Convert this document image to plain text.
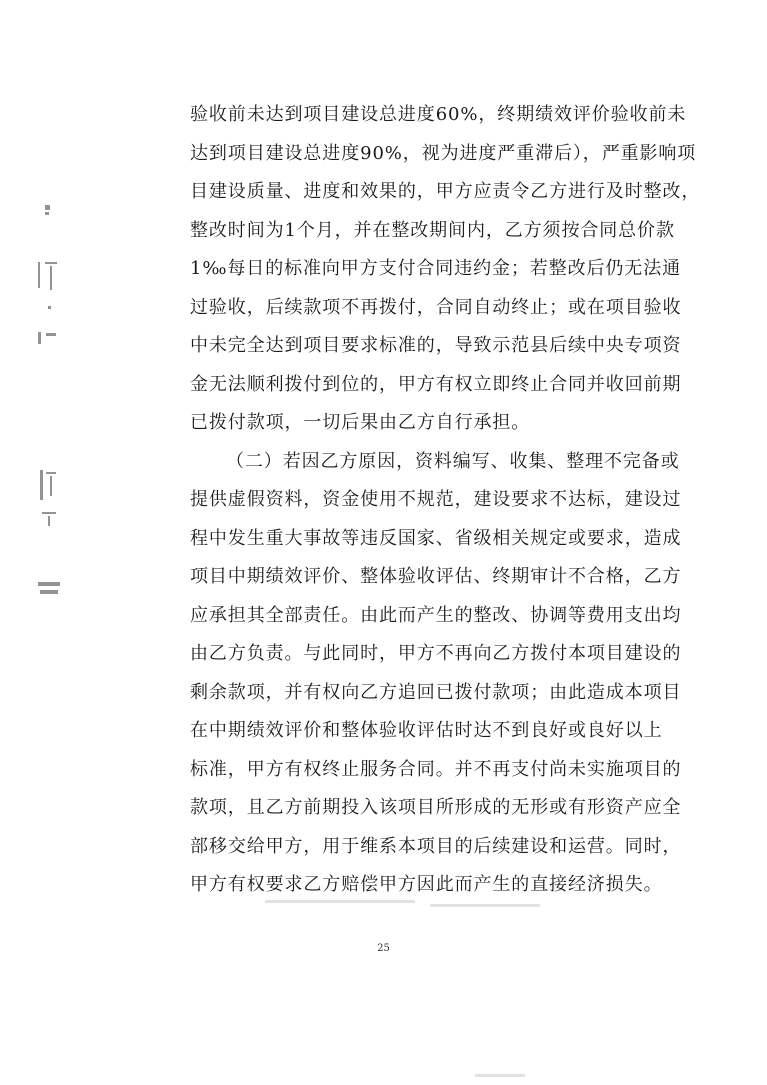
验收前未达到项目建设总进度60%，终期绩效评价验收前未
达到项目建设总进度90%，视为进度严重滞后），严重影响项
目建设质量、进度和效果的，甲方应责令乙方进行及时整改，
整改时间为1个月，并在整改期间内，乙方须按合同总价款
1‰每日的标准向甲方支付合同违约金；若整改后仍无法通
过验收，后续款项不再拨付，合同自动终止；或在项目验收
中未完全达到项目要求标准的，导致示范县后续中央专项资
金无法顺利拨付到位的，甲方有权立即终止合同并收回前期
已拨付款项，一切后果由乙方自行承担。
（二）若因乙方原因，资料编写、收集、整理不完备或
提供虚假资料，资金使用不规范，建设要求不达标，建设过
程中发生重大事故等违反国家、省级相关规定或要求，造成
项目中期绩效评价、整体验收评估、终期审计不合格，乙方
应承担其全部责任。由此而产生的整改、协调等费用支出均
由乙方负责。与此同时，甲方不再向乙方拨付本项目建设的
剩余款项，并有权向乙方追回已拨付款项；由此造成本项目
在中期绩效评价和整体验收评估时达不到良好或良好以上
标准，甲方有权终止服务合同。并不再支付尚未实施项目的
款项，且乙方前期投入该项目所形成的无形或有形资产应全
部移交给甲方，用于维系本项目的后续建设和运营。同时，
甲方有权要求乙方赔偿甲方因此而产生的直接经济损失。
25
